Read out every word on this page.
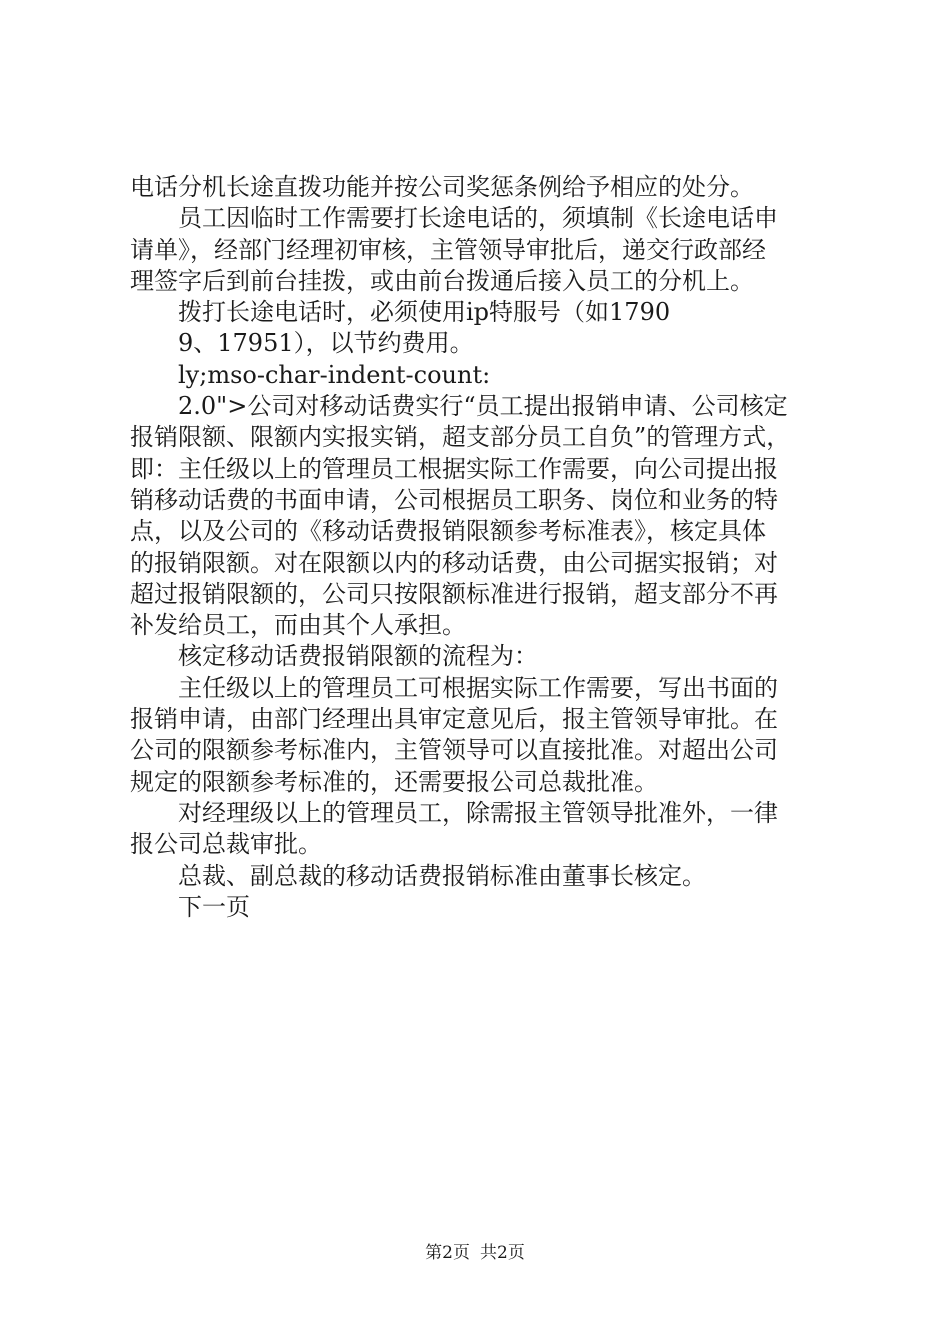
电话分机长途直拨功能并按公司奖惩条例给予相应的处分。
员工因临时工作需要打长途电话的，须填制《长途电话申
请单》，经部门经理初审核，主管领导审批后，递交行政部经
理签字后到前台挂拨，或由前台拨通后接入员工的分机上。
拨打长途电话时，必须使用ip特服号（如1790
9、17951），以节约费用。
ly;mso-char-indent-count:
2.0">公司对移动话费实行“员工提出报销申请、公司核定
报销限额、限额内实报实销，超支部分员工自负”的管理方式，
即：主任级以上的管理员工根据实际工作需要，向公司提出报
销移动话费的书面申请，公司根据员工职务、岗位和业务的特
点，以及公司的《移动话费报销限额参考标准表》，核定具体
的报销限额。对在限额以内的移动话费，由公司据实报销；对
超过报销限额的，公司只按限额标准进行报销，超支部分不再
补发给员工，而由其个人承担。
核定移动话费报销限额的流程为：
主任级以上的管理员工可根据实际工作需要，写出书面的
报销申请，由部门经理出具审定意见后，报主管领导审批。在
公司的限额参考标准内，主管领导可以直接批准。对超出公司
规定的限额参考标准的，还需要报公司总裁批准。
对经理级以上的管理员工，除需报主管领导批准外，一律
报公司总裁审批。
总裁、副总裁的移动话费报销标准由董事长核定。
下一页
第2页 共2页
